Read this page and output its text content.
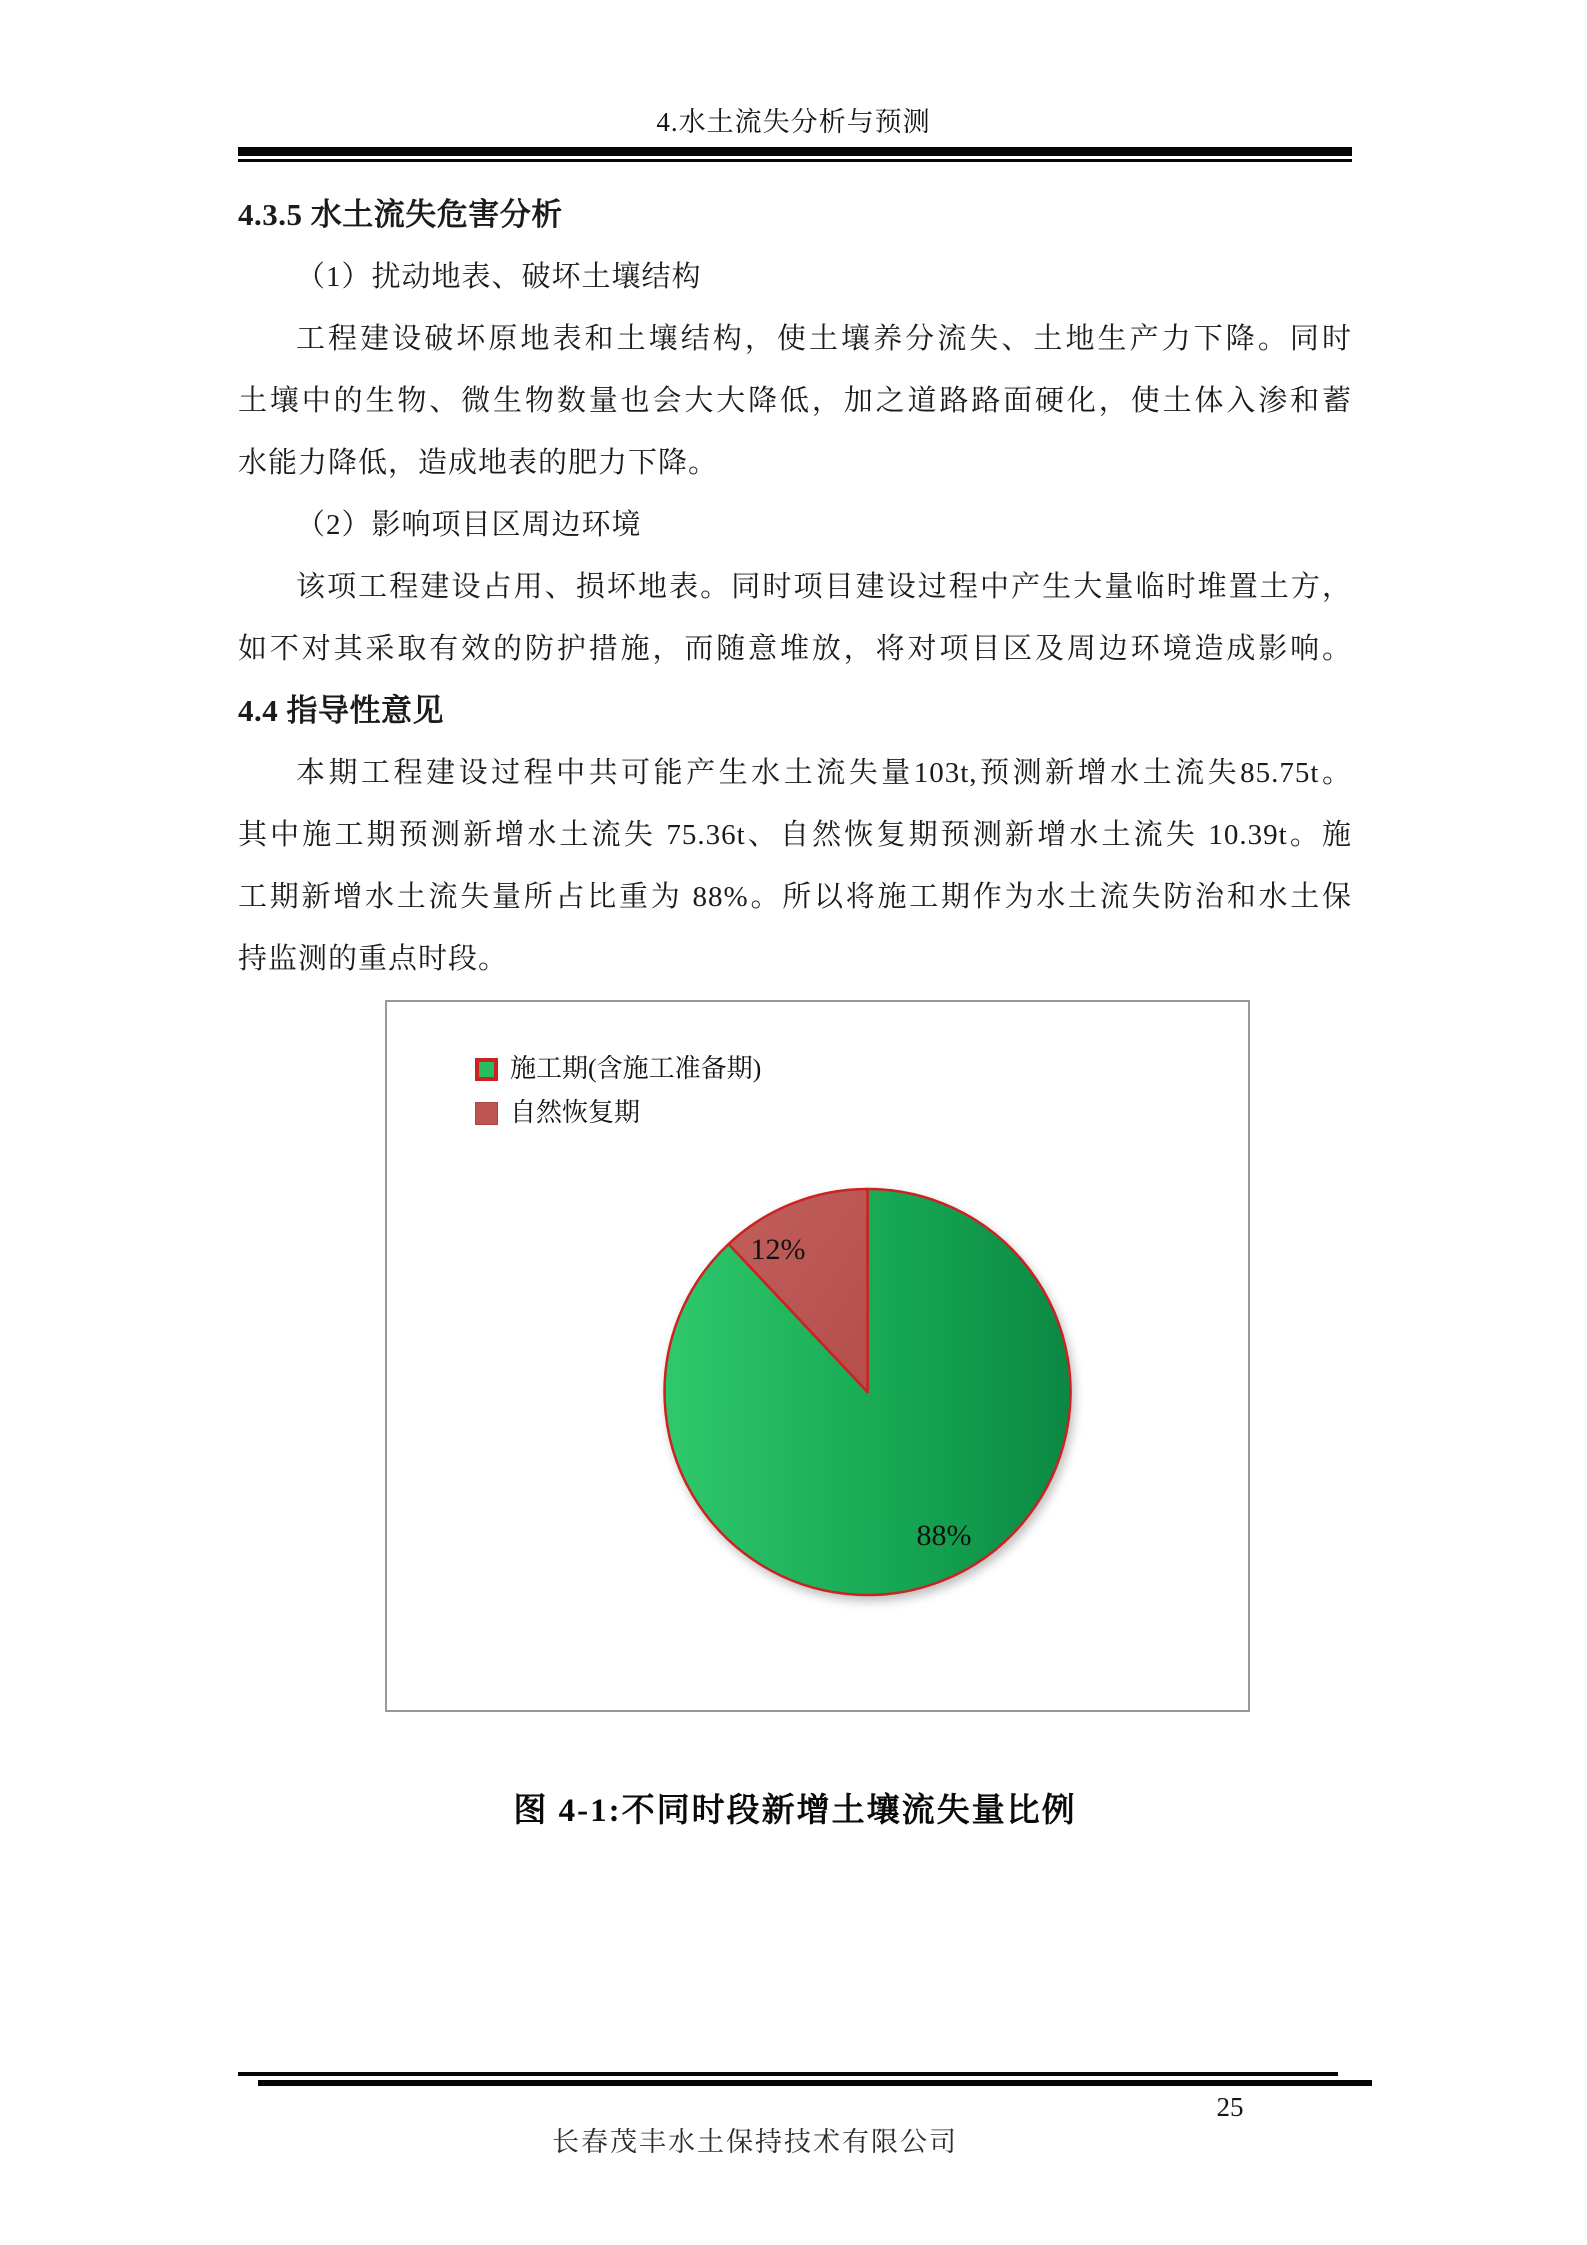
4.水土流失分析与预测
4.3.5 水土流失危害分析
（1）扰动地表、破坏土壤结构
工程建设破坏原地表和土壤结构，使土壤养分流失、土地生产力下降。同时
土壤中的生物、微生物数量也会大大降低，加之道路路面硬化，使土体入渗和蓄
水能力降低，造成地表的肥力下降。
（2）影响项目区周边环境
该项工程建设占用、损坏地表。同时项目建设过程中产生大量临时堆置土方，
如不对其采取有效的防护措施，而随意堆放，将对项目区及周边环境造成影响。
4.4 指导性意见
本期工程建设过程中共可能产生水土流失量103t,预测新增水土流失85.75t。
其中施工期预测新增水土流失 75.36t、自然恢复期预测新增水土流失 10.39t。施
工期新增水土流失量所占比重为 88%。所以将施工期作为水土流失防治和水土保
持监测的重点时段。
施工期(含施工准备期)
自然恢复期
12%
88%
图 4-1:不同时段新增土壤流失量比例
25
长春茂丰水土保持技术有限公司
